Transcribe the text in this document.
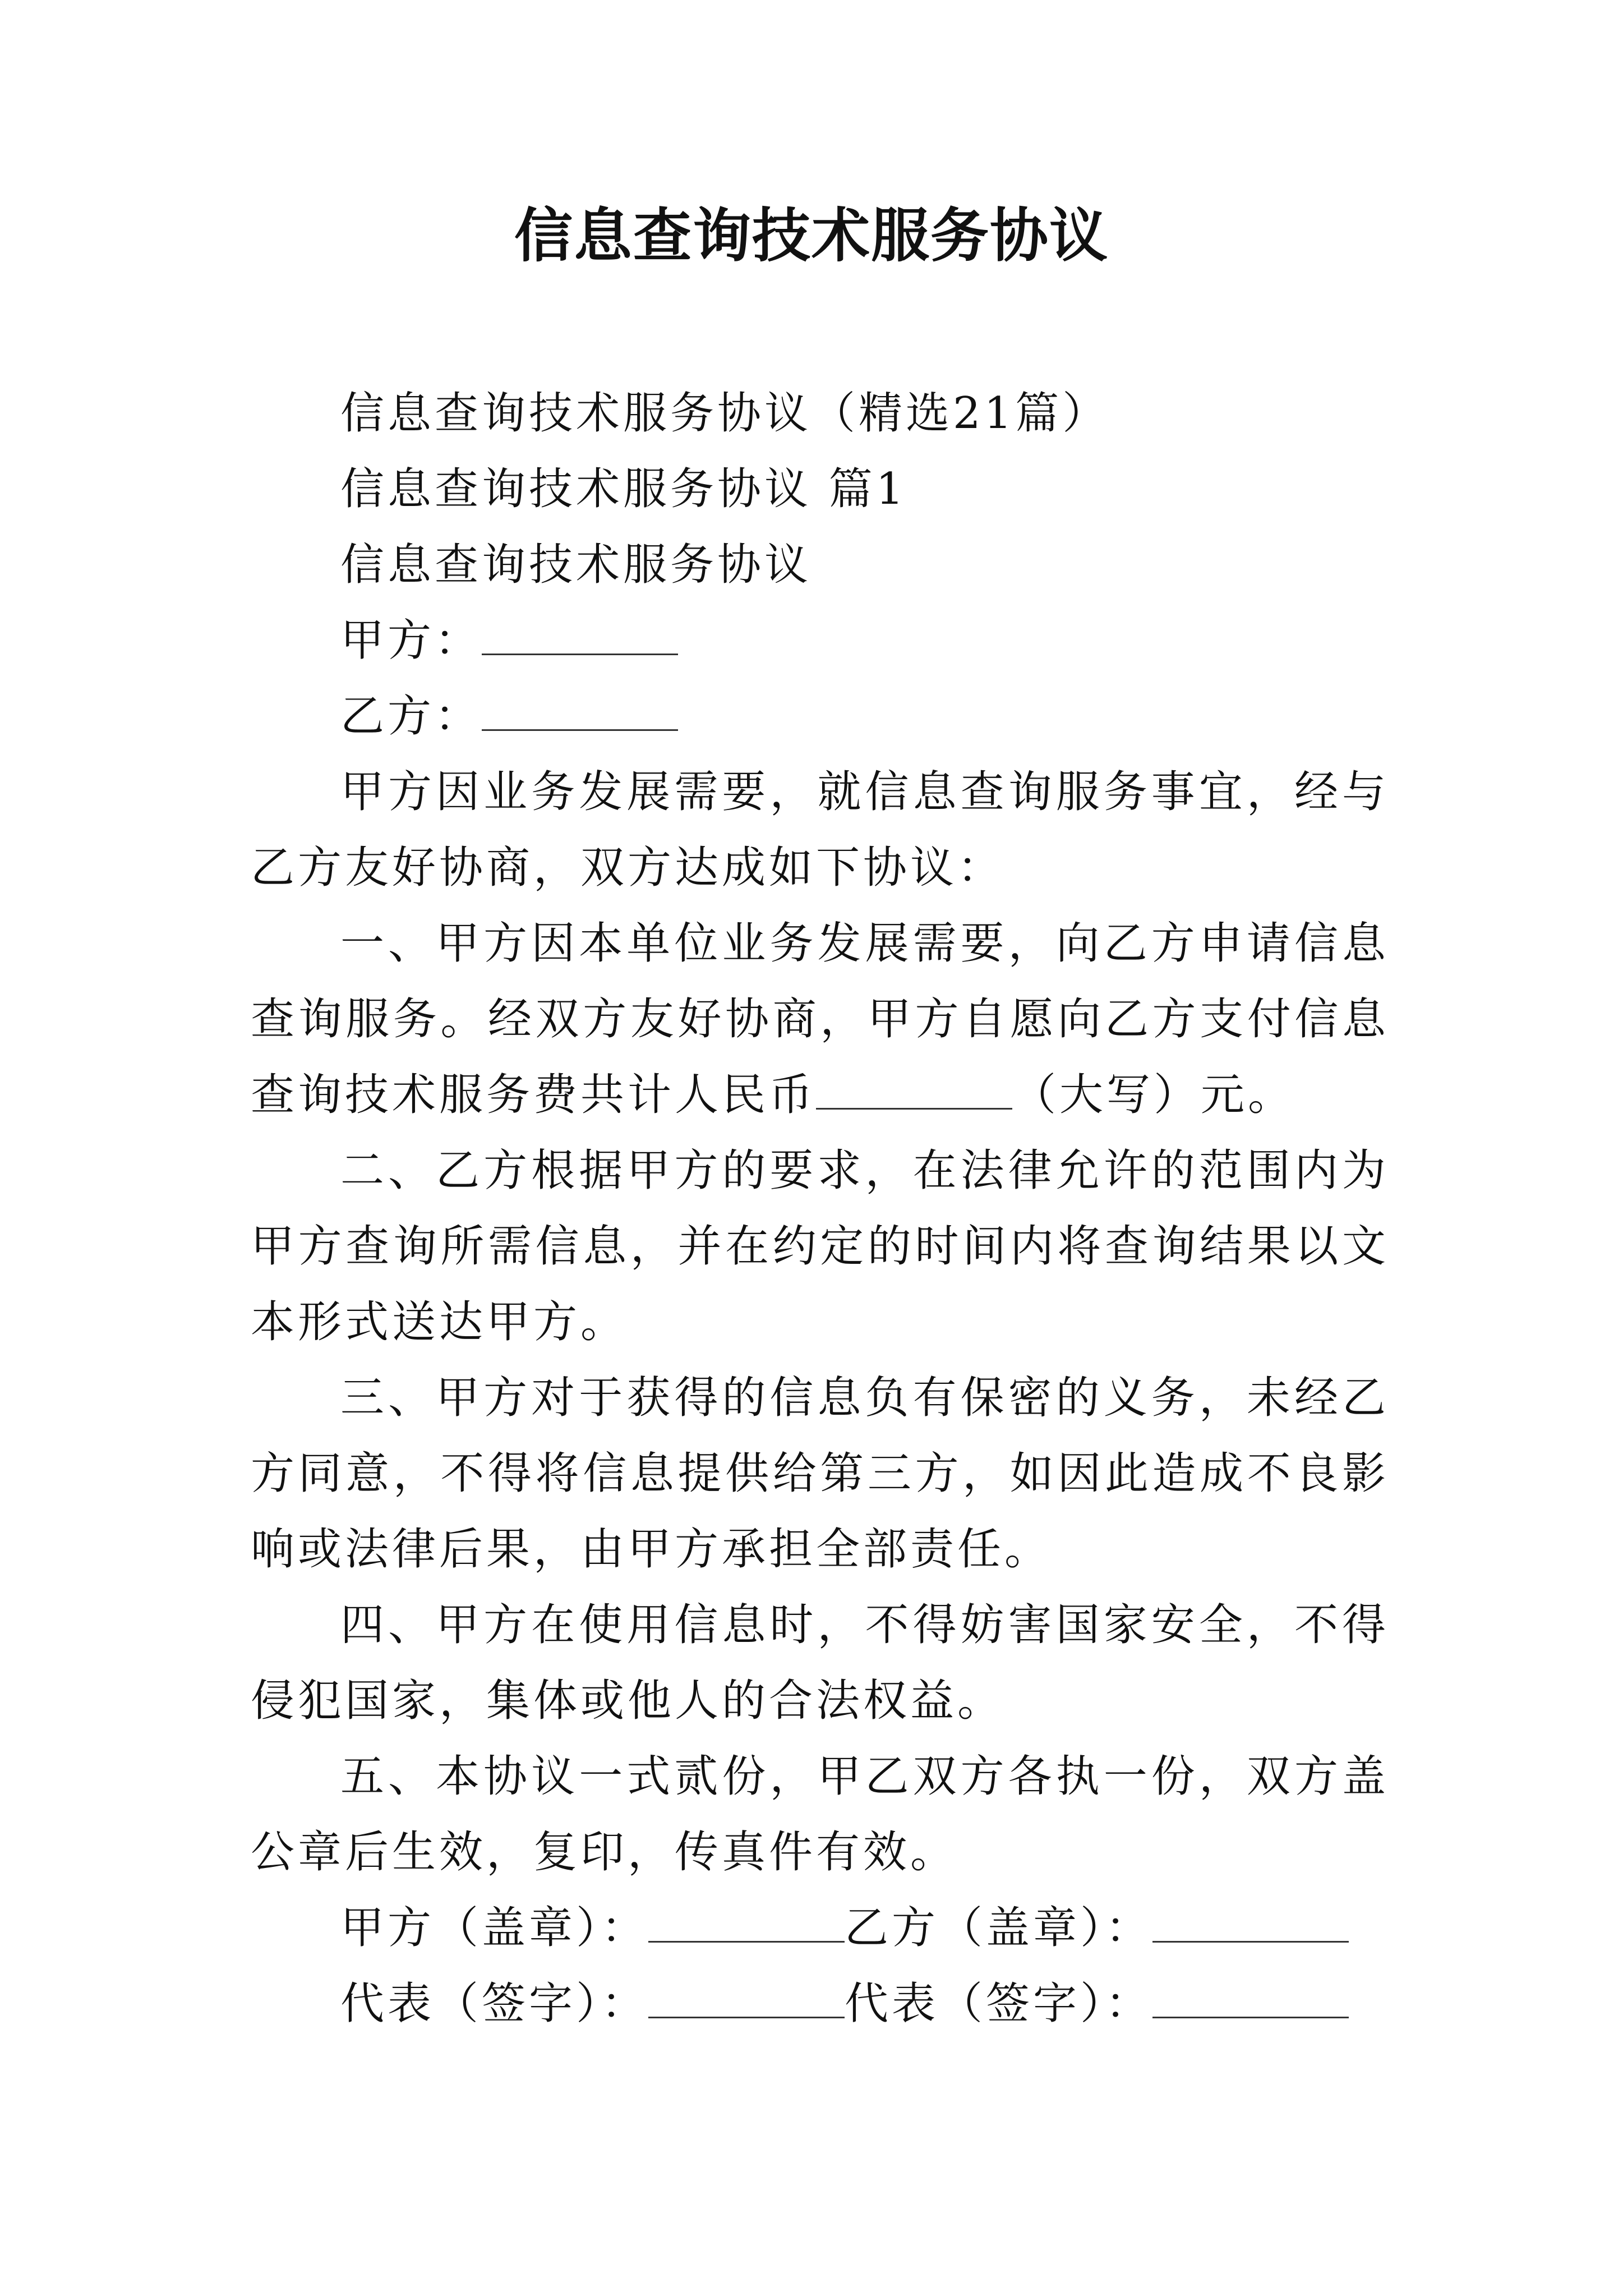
信息查询技术服务协议

信息查询技术服务协议（精选21篇）

信息查询技术服务协议 篇1

信息查询技术服务协议

甲方：

乙方：

甲方因业务发展需要，就信息查询服务事宜，经与乙方友好协商，双方达成如下协议：

一、甲方因本单位业务发展需要，向乙方申请信息查询服务。经双方友好协商，甲方自愿向乙方支付信息查询技术服务费共计人民币	（大写）元。

二、乙方根据甲方的要求，在法律允许的范围内为甲方查询所需信息，并在约定的时间内将查询结果以文本形式送达甲方。

三、甲方对于获得的信息负有保密的义务，未经乙方同意，不得将信息提供给第三方，如因此造成不良影响或法律后果，由甲方承担全部责任。

四、甲方在使用信息时，不得妨害国家安全，不得侵犯国家，集体或他人的合法权益。

五、本协议一式贰份，甲乙双方各执一份，双方盖公章后生效，复印，传真件有效。

甲方（盖章）：	乙方（盖章）：
代表（签字）：	代表（签字）：
